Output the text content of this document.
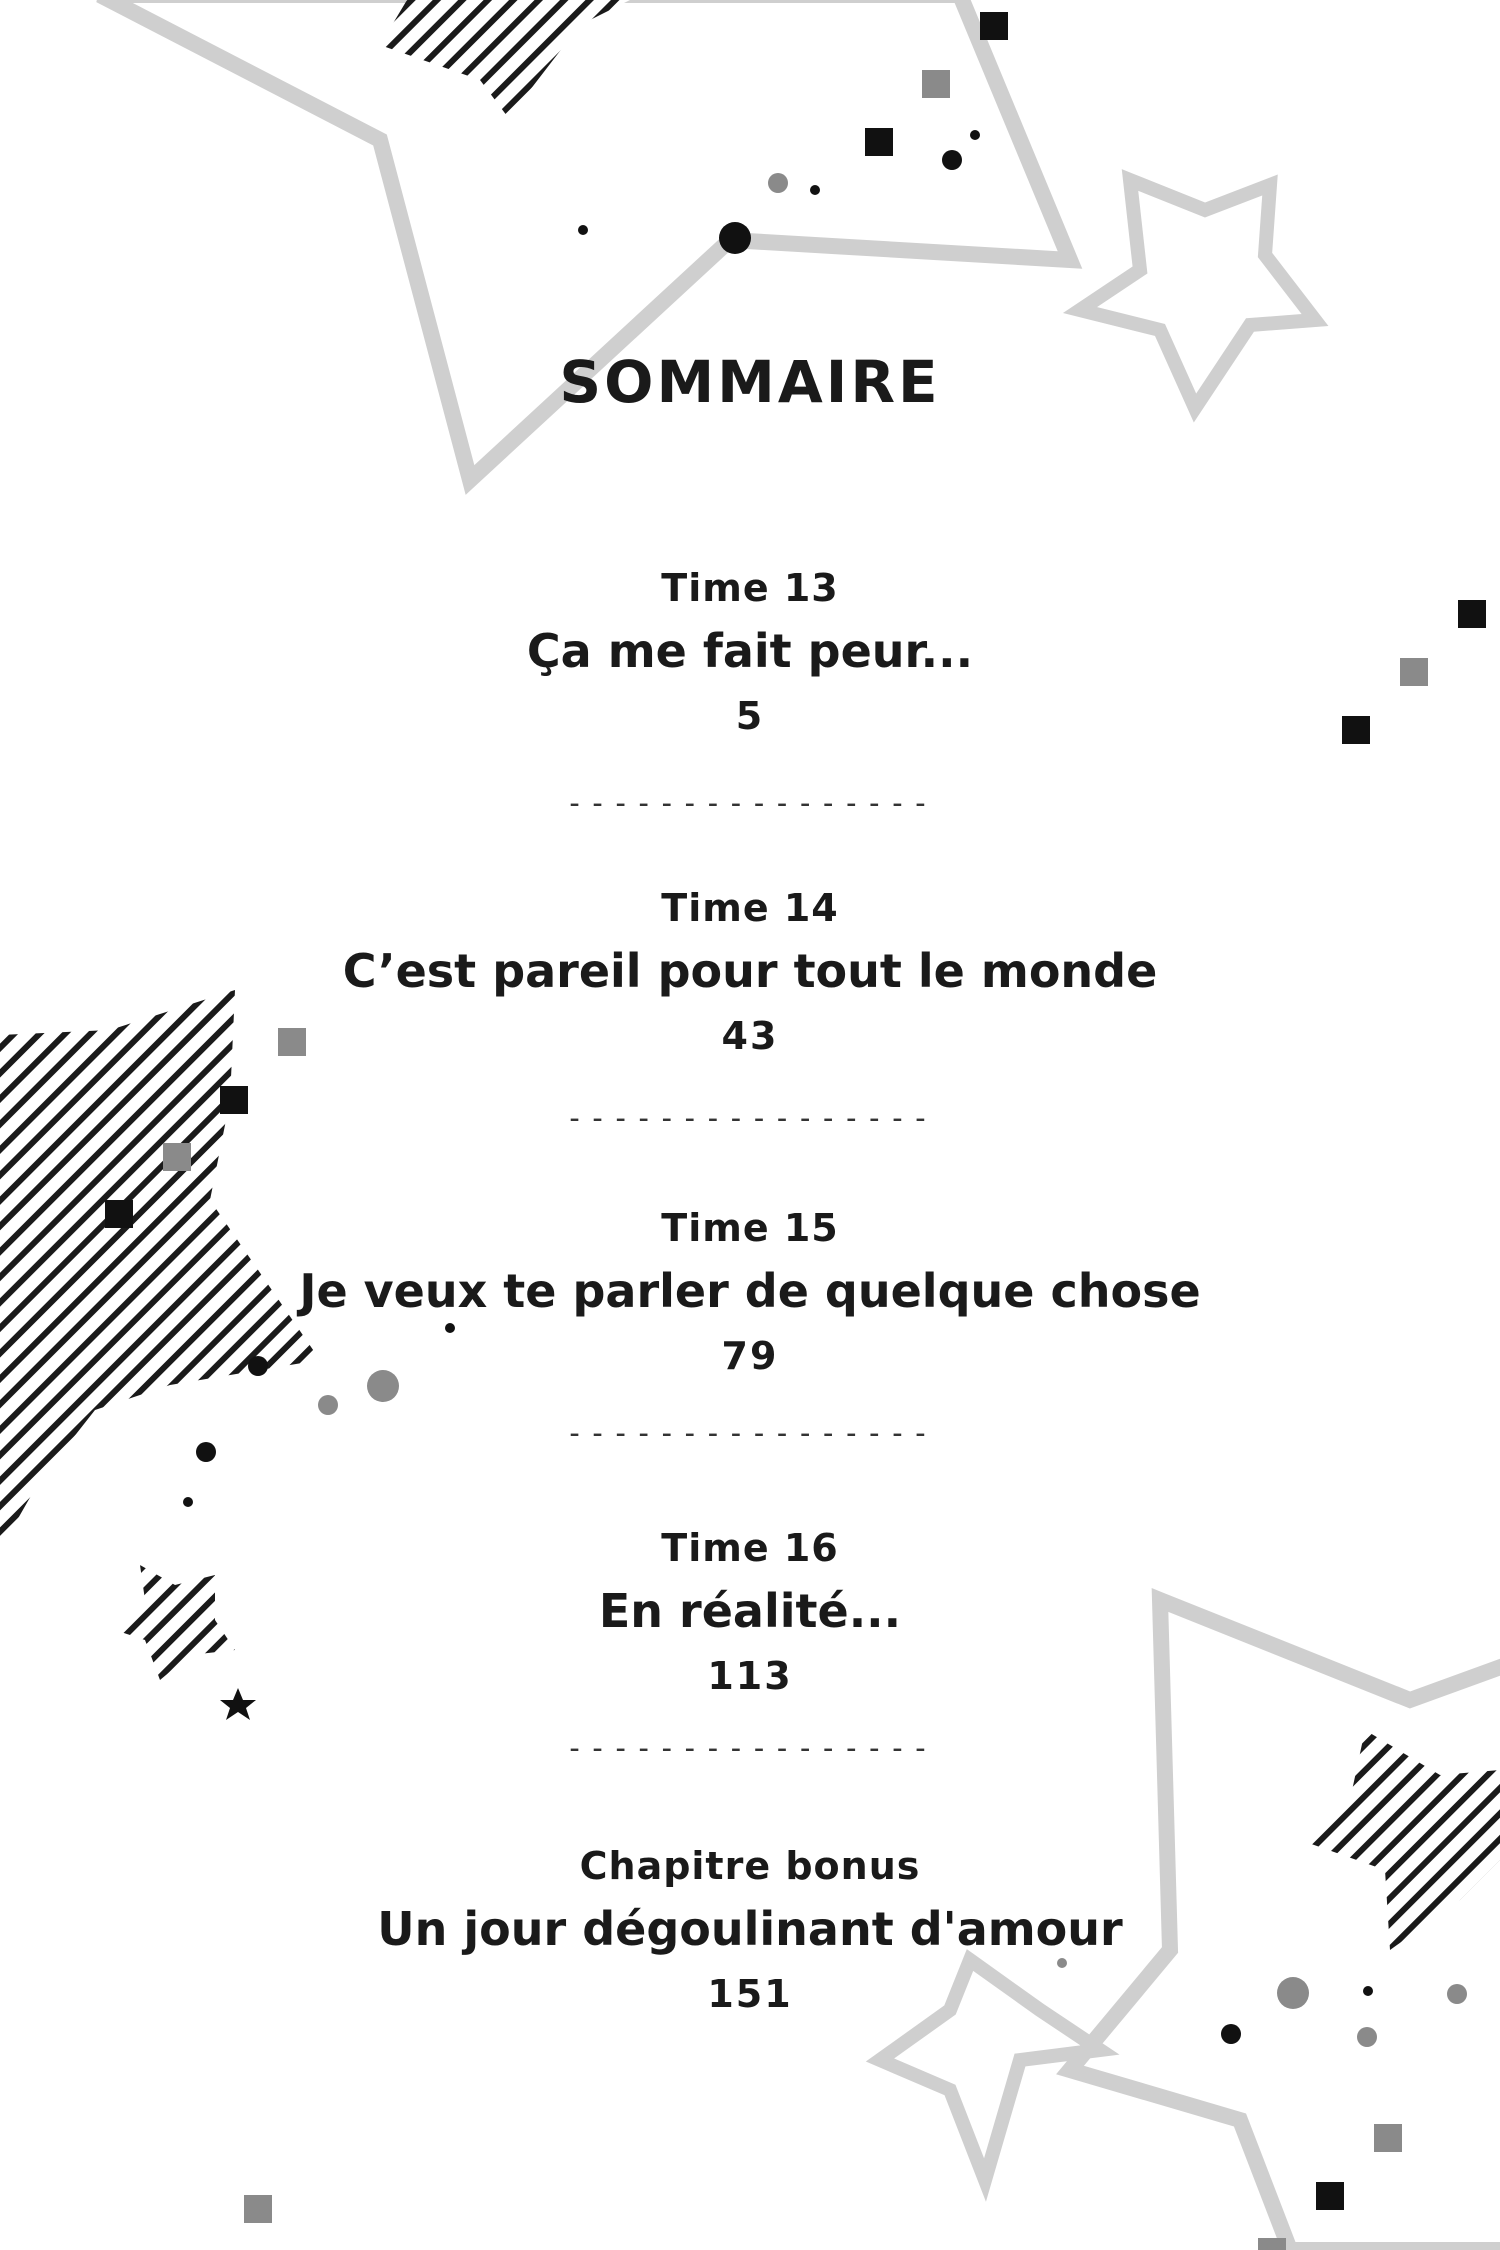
SOMMAIRE
Time 13
Ça me fait peur...
5
----------------
Time 14
C’est pareil pour tout le monde
43
----------------
Time 15
Je veux te parler de quelque chose
79
----------------
Time 16
En réalité...
113
----------------
Chapitre bonus
Un jour dégoulinant d'amour
151
